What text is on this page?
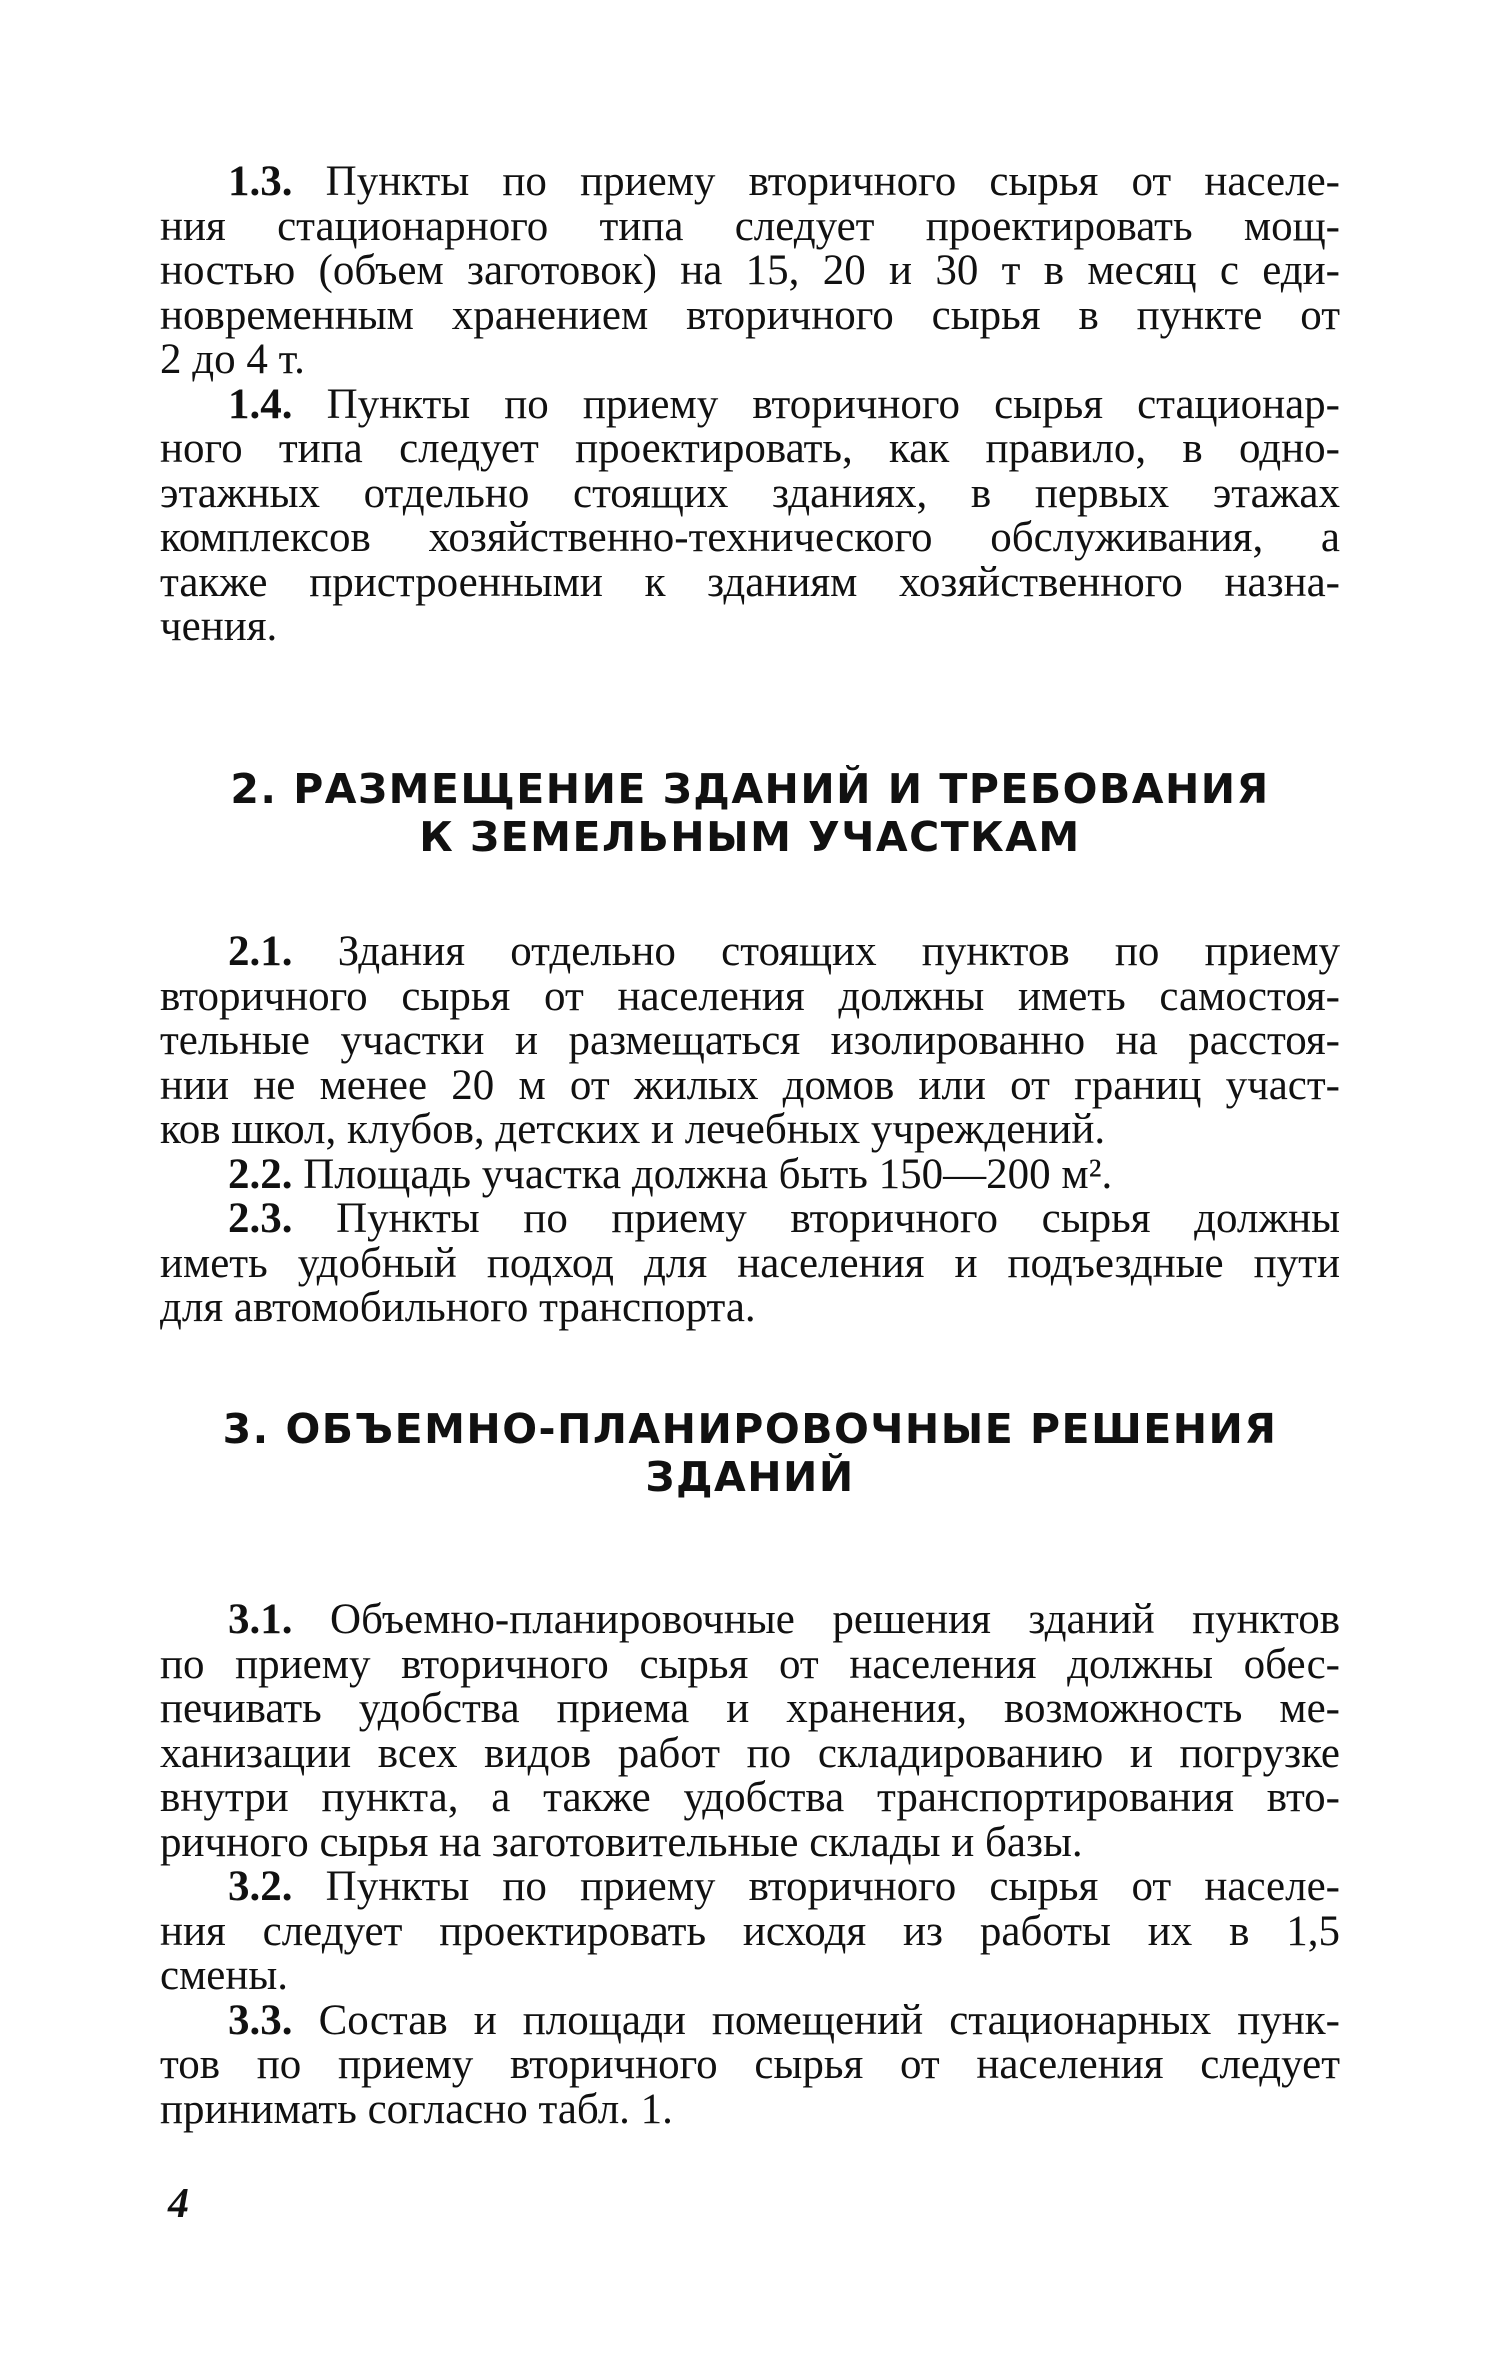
1.3. Пункты по приему вторичного сырья от населе-
ния стационарного типа следует проектировать мощ-
ностью (объем заготовок) на 15, 20 и 30 т в месяц с еди-
новременным хранением вторичного сырья в пункте от
2 до 4 т.

1.4. Пункты по приему вторичного сырья стационар-
ного типа следует проектировать, как правило, в одно-
этажных отдельно стоящих зданиях, в первых этажах
комплексов хозяйственно-технического обслуживания, а
также пристроенными к зданиям хозяйственного назна-
чения.

2. РАЗМЕЩЕНИЕ ЗДАНИЙ И ТРЕБОВАНИЯ
К ЗЕМЕЛЬНЫМ УЧАСТКАМ

2.1. Здания отдельно стоящих пунктов по приему
вторичного сырья от населения должны иметь самостоя-
тельные участки и размещаться изолированно на расстоя-
нии не менее 20 м от жилых домов или от границ участ-
ков школ, клубов, детских и лечебных учреждений.

2.2. Площадь участка должна быть 150—200 м².

2.3. Пункты по приему вторичного сырья должны
иметь удобный подход для населения и подъездные пути
для автомобильного транспорта.

3. ОБЪЕМНО-ПЛАНИРОВОЧНЫЕ РЕШЕНИЯ
ЗДАНИЙ

3.1. Объемно-планировочные решения зданий пунктов
по приему вторичного сырья от населения должны обес-
печивать удобства приема и хранения, возможность ме-
ханизации всех видов работ по складированию и погрузке
внутри пункта, а также удобства транспортирования вто-
ричного сырья на заготовительные склады и базы.

3.2. Пункты по приему вторичного сырья от населе-
ния следует проектировать исходя из работы их в 1,5
смены.

3.3. Состав и площади помещений стационарных пунк-
тов по приему вторичного сырья от населения следует
принимать согласно табл. 1.

4
